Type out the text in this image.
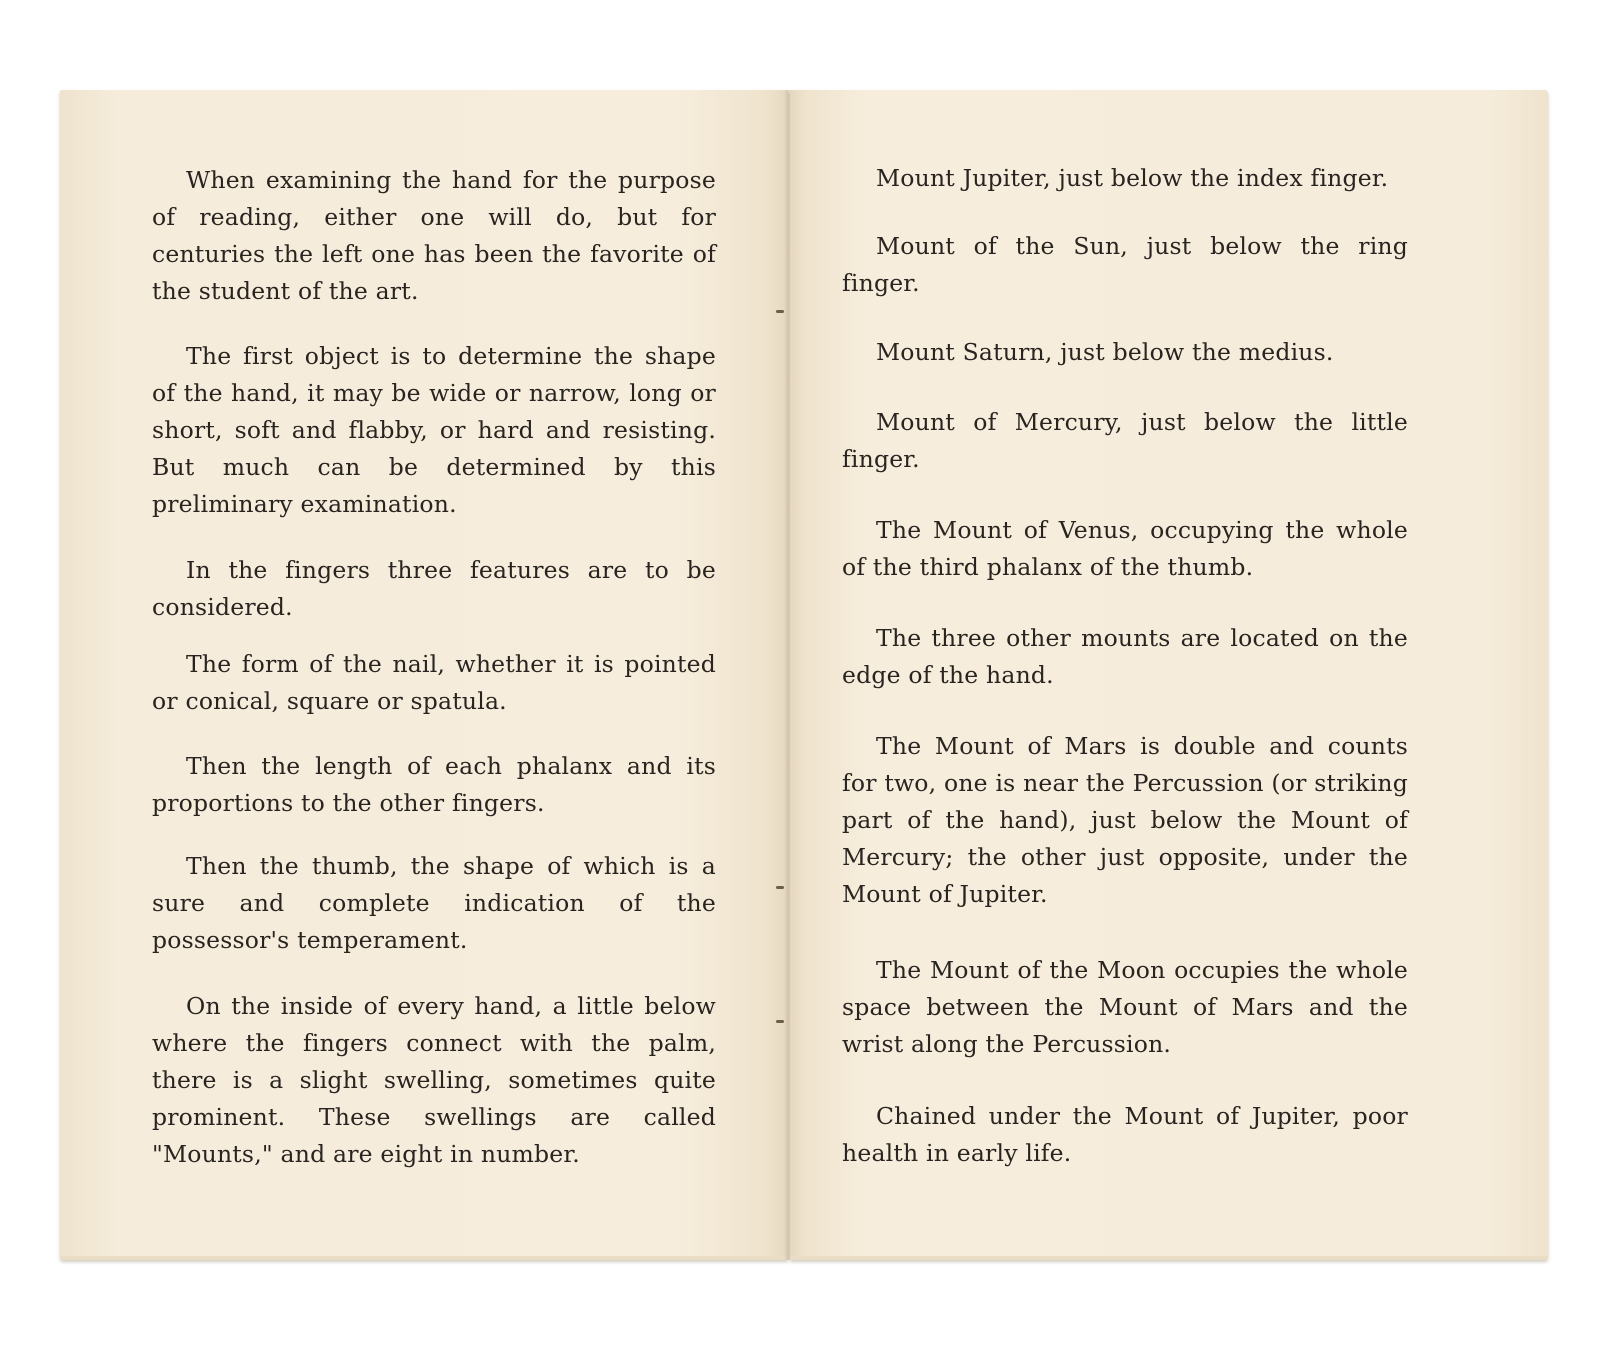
When examining the hand for the purpose of reading, either one will do, but for centuries the left one has been the favorite of the student of the art.

The first object is to determine the shape of the hand, it may be wide or narrow, long or short, soft and flabby, or hard and resisting. But much can be determined by this preliminary examination.

In the fingers three features are to be considered.

The form of the nail, whether it is pointed or conical, square or spatula.

Then the length of each phalanx and its proportions to the other fingers.

Then the thumb, the shape of which is a sure and complete indication of the possessor's temperament.

On the inside of every hand, a little below where the fingers connect with the palm, there is a slight swelling, sometimes quite prominent. These swellings are called "Mounts," and are eight in number.

Mount Jupiter, just below the index finger.

Mount of the Sun, just below the ring finger.

Mount Saturn, just below the medius.

Mount of Mercury, just below the little finger.

The Mount of Venus, occupying the whole of the third phalanx of the thumb.

The three other mounts are located on the edge of the hand.

The Mount of Mars is double and counts for two, one is near the Percussion (or striking part of the hand), just below the Mount of Mercury; the other just opposite, under the Mount of Jupiter.

The Mount of the Moon occupies the whole space between the Mount of Mars and the wrist along the Percussion.

Chained under the Mount of Jupiter, poor health in early life.
